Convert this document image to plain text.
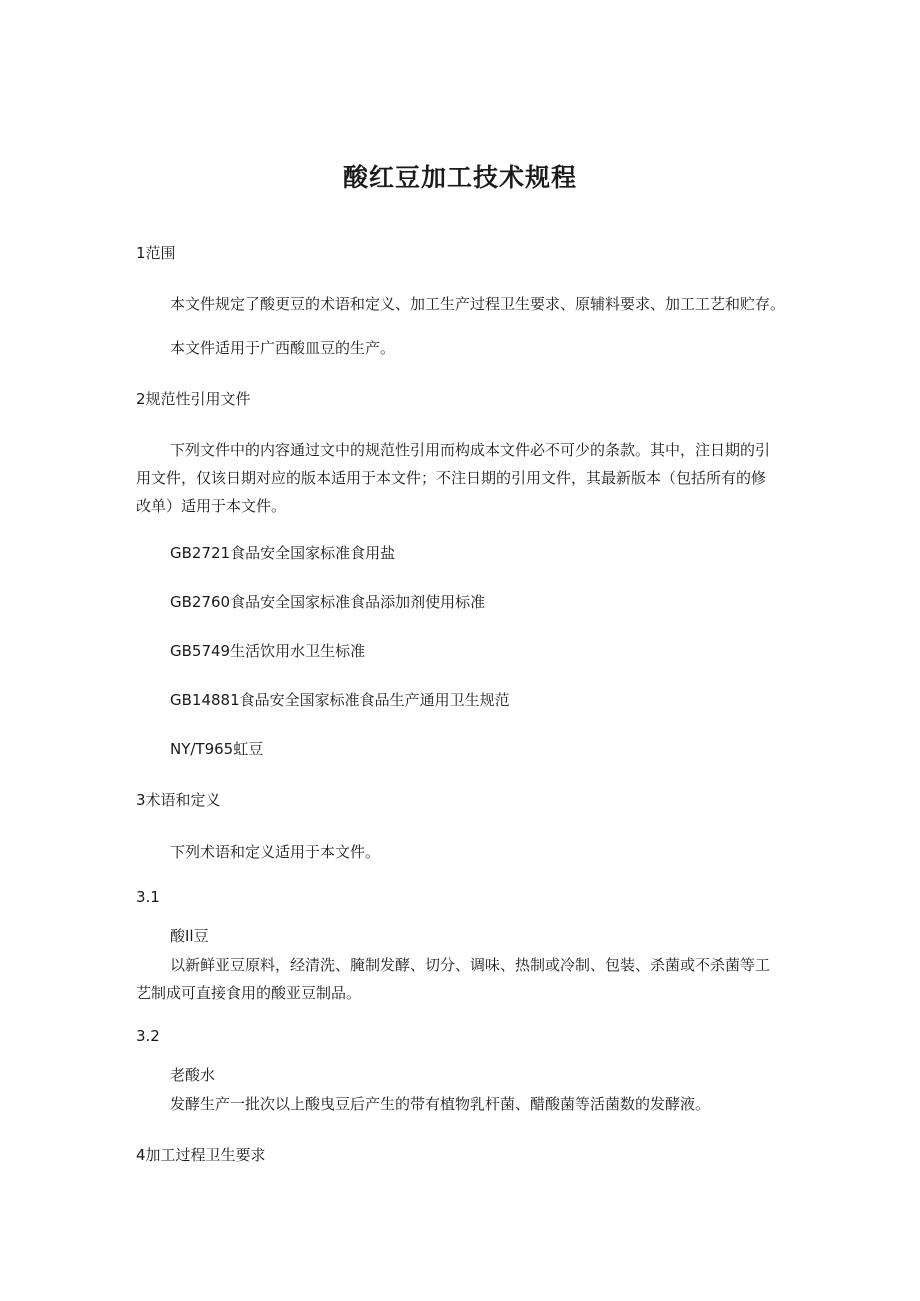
酸红豆加工技术规程

1范围

本文件规定了酸更豆的术语和定义、加工生产过程卫生要求、原辅料要求、加工工艺和贮存。

本文件适用于广西酸皿豆的生产。

2规范性引用文件

下列文件中的内容通过文中的规范性引用而构成本文件必不可少的条款。其中，注日期的引

用文件，仅该日期对应的版本适用于本文件；不注日期的引用文件，其最新版本（包括所有的修

改单）适用于本文件。

GB2721食品安全国家标准食用盐

GB2760食品安全国家标准食品添加剂使用标准

GB5749生活饮用水卫生标准

GB14881食品安全国家标准食品生产通用卫生规范

NY/T965虹豆

3术语和定义

下列术语和定义适用于本文件。

3.1

酸Il豆

以新鲜亚豆原料，经清洗、腌制发酵、切分、调味、热制或冷制、包装、杀菌或不杀菌等工

艺制成可直接食用的酸亚豆制品。

3.2

老酸水

发酵生产一批次以上酸曳豆后产生的带有植物乳杆菌、醋酸菌等活菌数的发酵液。

4加工过程卫生要求
